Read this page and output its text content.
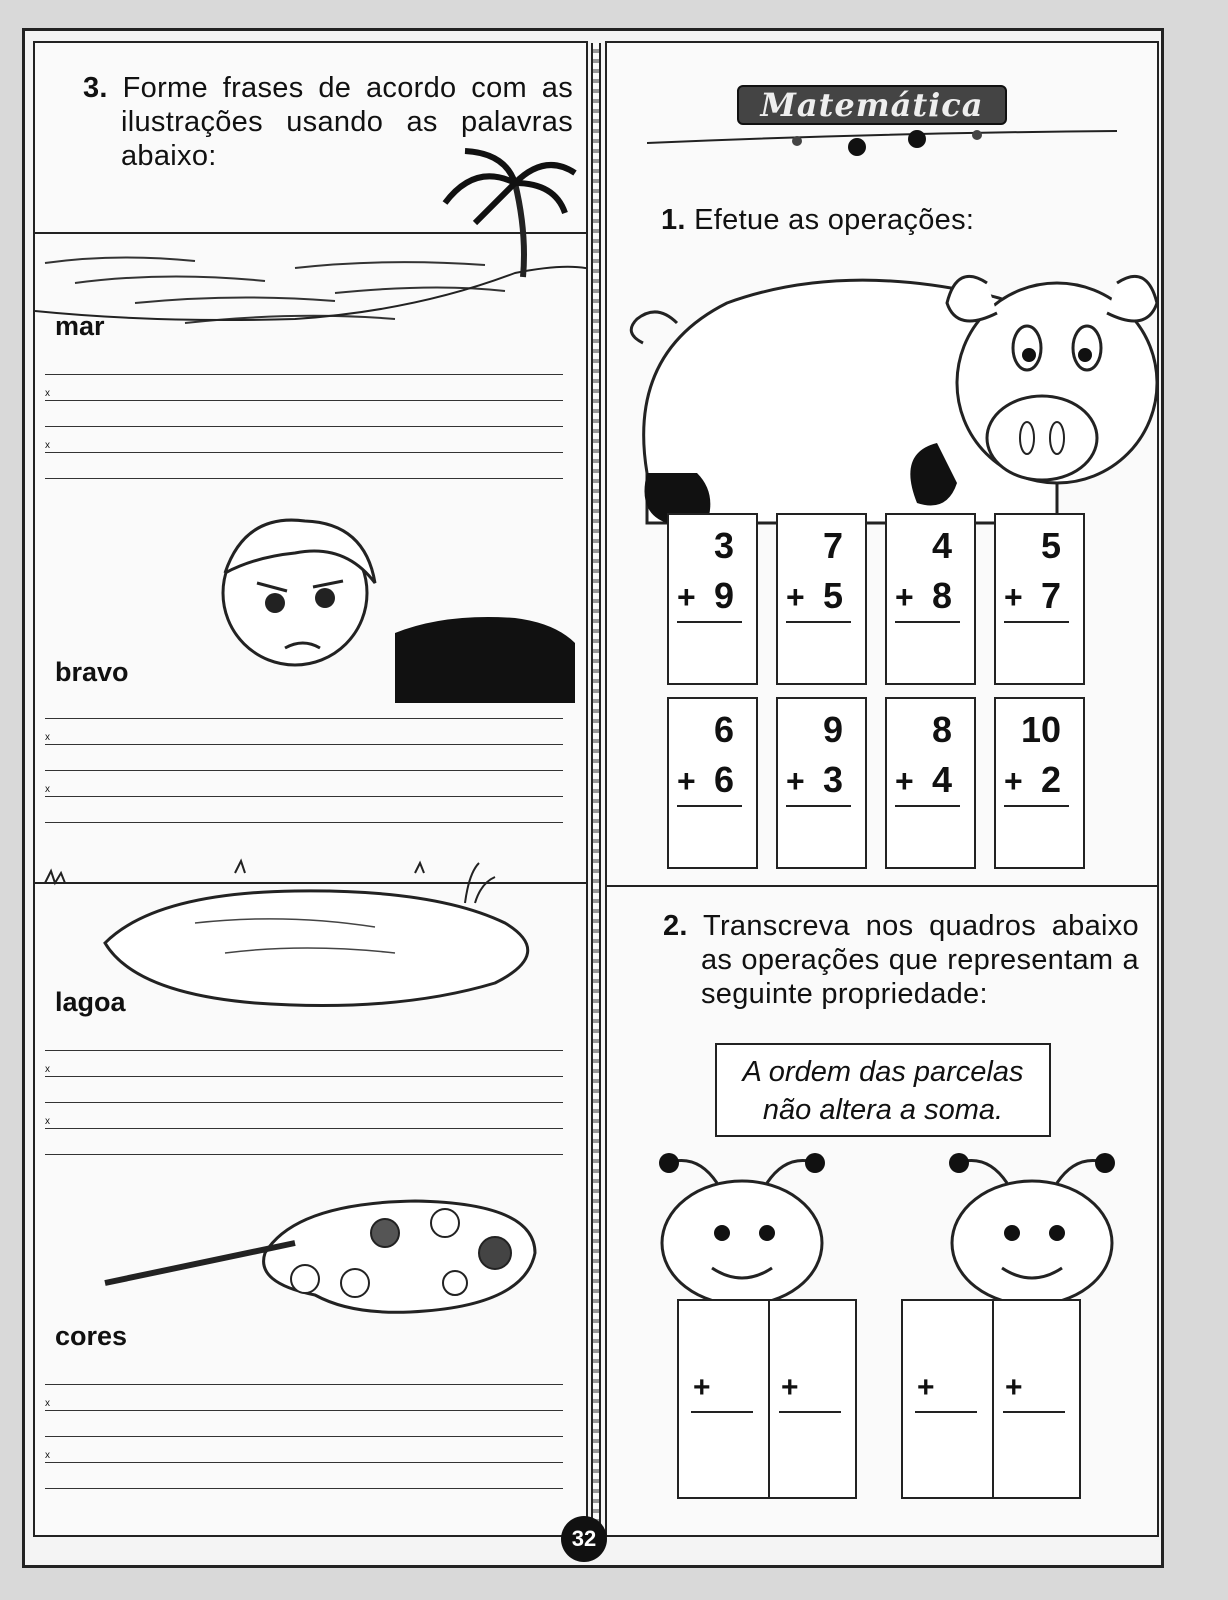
3. Forme frases de acordo com as ilustrações usando as palavras abaixo:
mar
x
x
bravo
x
x
lagoa
x
x
cores
x
x
Matemática
1. Efetue as operações:
3
+ 9
7
+ 5
4
+ 8
5
+ 7
6
+ 6
9
+ 3
8
+ 4
10
+ 2
2. Transcreva nos quadros abaixo as operações que representam a seguinte propriedade:
A ordem das parcelas
não altera a soma.
+ +	+ +
32
